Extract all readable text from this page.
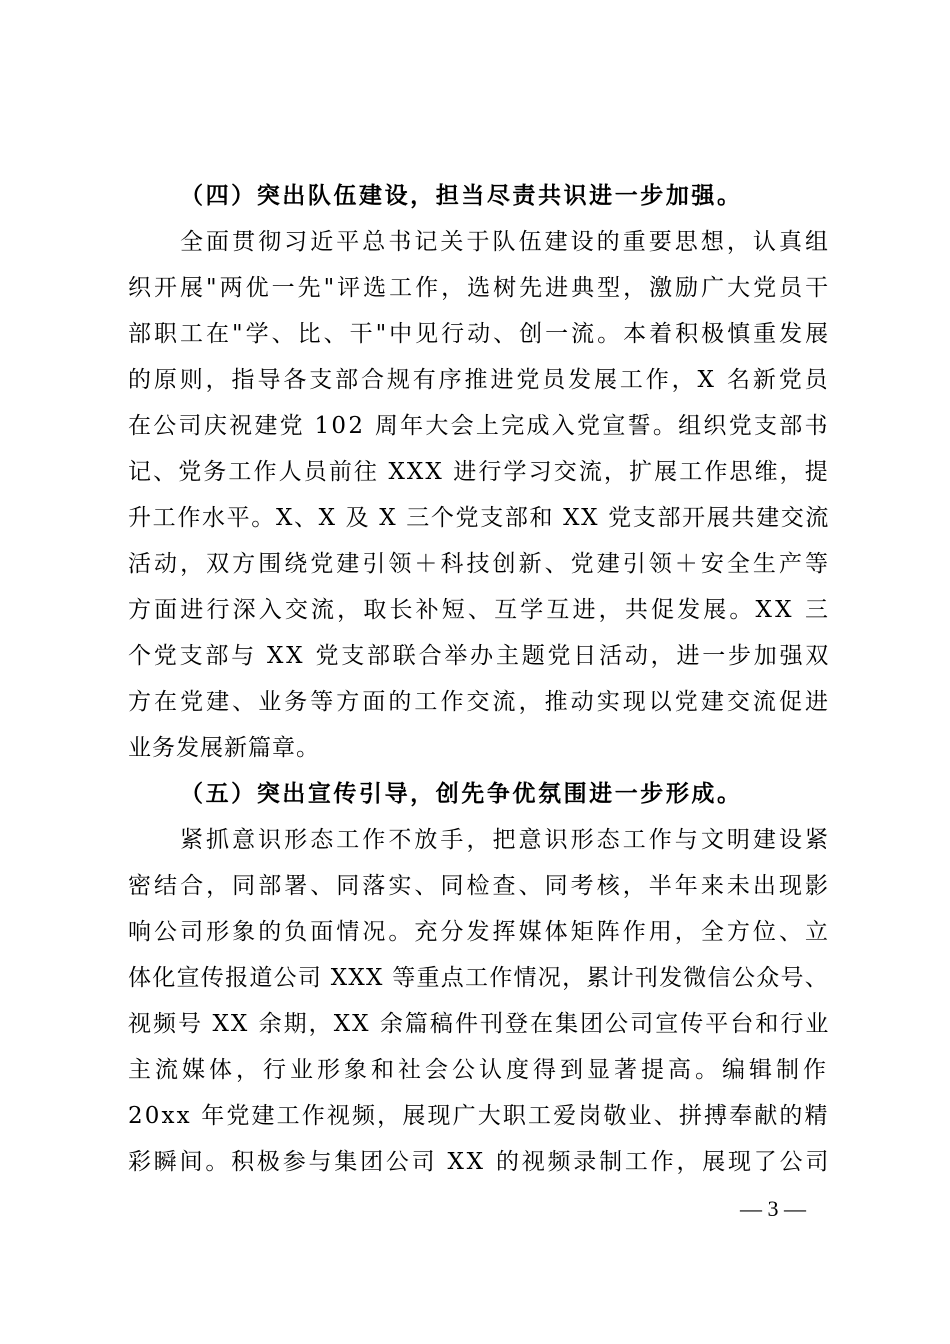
（四）突出队伍建设，担当尽责共识进一步加强。
全面贯彻习近平总书记关于队伍建设的重要思想，认真组
织开展"两优一先"评选工作，选树先进典型，激励广大党员干
部职工在"学、比、干"中见行动、创一流。本着积极慎重发展
的原则，指导各支部合规有序推进党员发展工作，X 名新党员
在公司庆祝建党 102 周年大会上完成入党宣誓。组织党支部书
记、党务工作人员前往 XXX 进行学习交流，扩展工作思维，提
升工作水平。X、X 及 X 三个党支部和 XX 党支部开展共建交流
活动，双方围绕党建引领＋科技创新、党建引领＋安全生产等
方面进行深入交流，取长补短、互学互进，共促发展。XX 三
个党支部与 XX 党支部联合举办主题党日活动，进一步加强双
方在党建、业务等方面的工作交流，推动实现以党建交流促进
业务发展新篇章。
（五）突出宣传引导，创先争优氛围进一步形成。
紧抓意识形态工作不放手，把意识形态工作与文明建设紧
密结合，同部署、同落实、同检查、同考核，半年来未出现影
响公司形象的负面情况。充分发挥媒体矩阵作用，全方位、立
体化宣传报道公司 XXX 等重点工作情况，累计刊发微信公众号、
视频号 XX 余期，XX 余篇稿件刊登在集团公司宣传平台和行业
主流媒体，行业形象和社会公认度得到显著提高。编辑制作
20xx 年党建工作视频，展现广大职工爱岗敬业、拼搏奉献的精
彩瞬间。积极参与集团公司 XX 的视频录制工作，展现了公司
— 3 —
